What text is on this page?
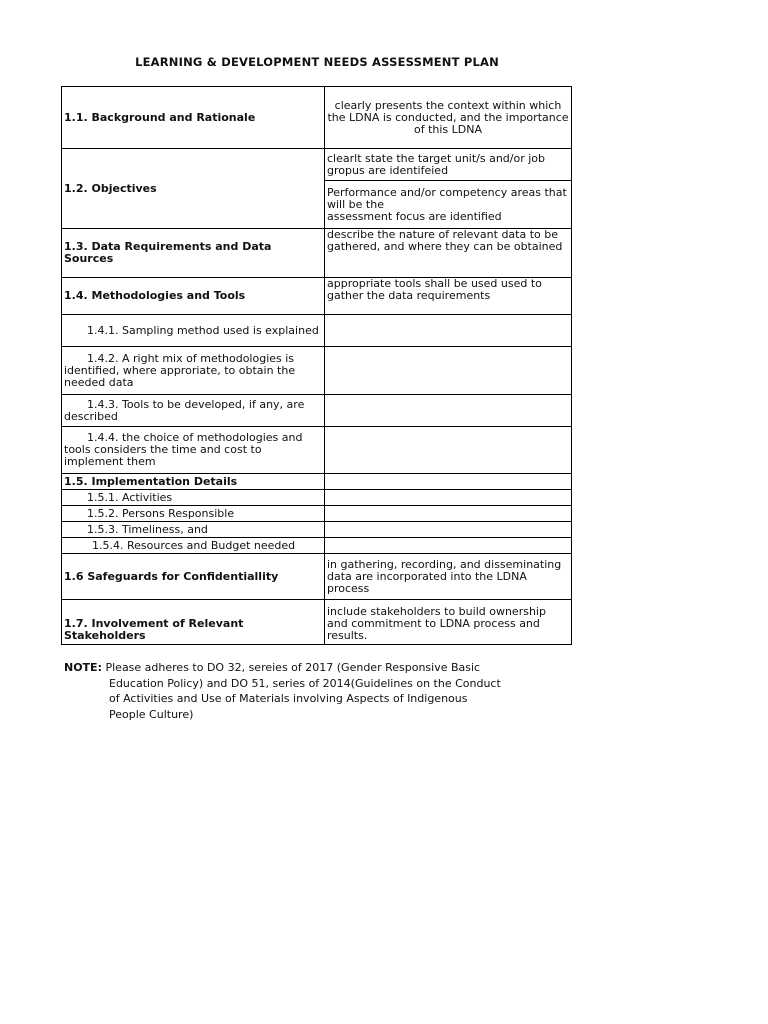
LEARNING & DEVELOPMENT NEEDS ASSESSMENT PLAN
1.1. Background and Rationale	clearly presents the context within which the LDNA is conducted, and the importance of this LDNA
1.2. Objectives	clearlt state the target unit/s and/or job gropus are identifeied

	Performance and/or competency areas that will be the
assessment focus are identified

1.3. Data Requirements and Data Sources	describe the nature of relevant data to be gathered, and where they can be obtained
1.4. Methodologies and Tools	appropriate tools shall be used used to gather the data requirements
1.4.1. Sampling method used is explained	
1.4.2. A right mix of methodologies is identified, where approriate, to obtain the needed data	
1.4.3. Tools to be developed, if any, are described	
1.4.4. the choice of methodologies and tools considers the time and cost to implement them	
1.5. Implementation Details	
1.5.1. Activities	
1.5.2. Persons Responsible	
1.5.3. Timeliness, and	
1.5.4. Resources and Budget needed	
1.6 Safeguards for Confidentiallity	in gathering, recording, and disseminating data are incorporated into the LDNA process
1.7. Involvement of Relevant Stakeholders	include stakeholders to build ownership and commitment to LDNA process and results.
NOTE: Please adheres to DO 32, sereies of 2017 (Gender Responsive Basic
Education Policy) and DO 51, series of 2014(Guidelines on the Conduct
of Activities and Use of Materials involving Aspects of Indigenous
People Culture)
